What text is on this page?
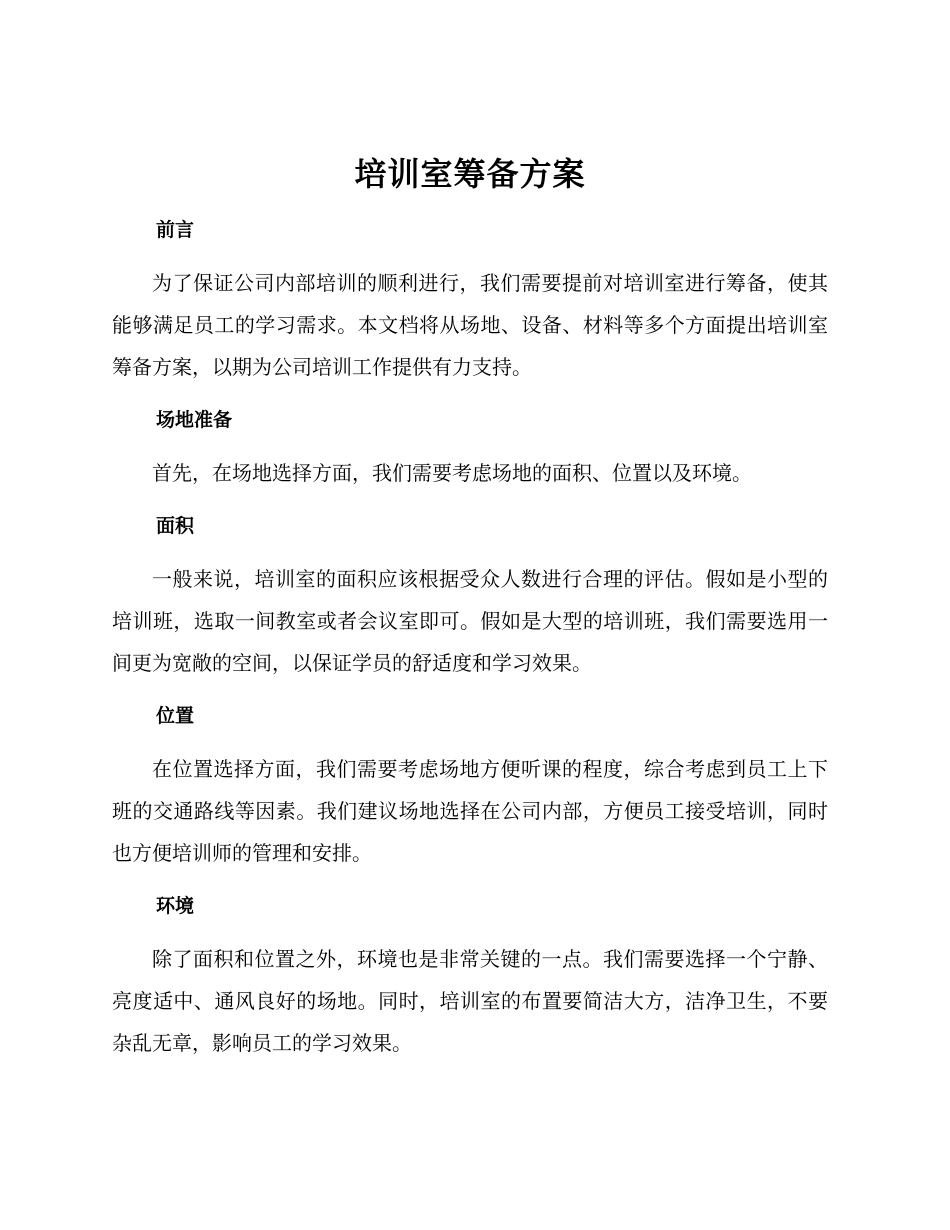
培训室筹备方案
前言

为了保证公司内部培训的顺利进行，我们需要提前对培训室进行筹备，使其能够满足员工的学习需求。本文档将从场地、设备、材料等多个方面提出培训室筹备方案，以期为公司培训工作提供有力支持。

场地准备

首先，在场地选择方面，我们需要考虑场地的面积、位置以及环境。

面积

一般来说，培训室的面积应该根据受众人数进行合理的评估。假如是小型的培训班，选取一间教室或者会议室即可。假如是大型的培训班，我们需要选用一间更为宽敞的空间，以保证学员的舒适度和学习效果。

位置

在位置选择方面，我们需要考虑场地方便听课的程度，综合考虑到员工上下班的交通路线等因素。我们建议场地选择在公司内部，方便员工接受培训，同时也方便培训师的管理和安排。

环境

除了面积和位置之外，环境也是非常关键的一点。我们需要选择一个宁静、亮度适中、通风良好的场地。同时，培训室的布置要简洁大方，洁净卫生，不要杂乱无章，影响员工的学习效果。
